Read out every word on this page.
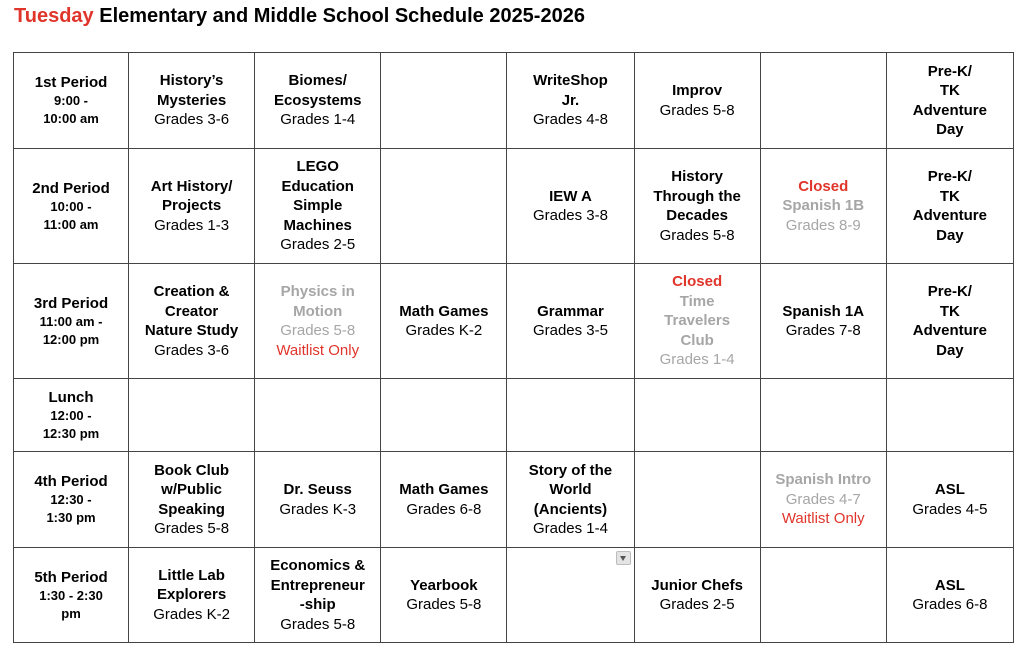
Tuesday Elementary and Middle School Schedule 2025-2026
1st Period
9:00 -
10:00 am	History’s
Mysteries
Grades 3-6	Biomes/
Ecosystems
Grades 1-4		WriteShop
Jr.
Grades 4-8	Improv
Grades 5-8		Pre-K/
TK
Adventure
Day

2nd Period
10:00 -
11:00 am	Art History/
Projects
Grades 1-3	LEGO
Education
Simple
Machines
Grades 2-5		IEW A
Grades 3-8	History
Through the
Decades
Grades 5-8	Closed
Spanish 1B
Grades 8-9	Pre-K/
TK
Adventure
Day

3rd Period
11:00 am -
12:00 pm	Creation &
Creator
Nature Study
Grades 3-6	Physics in
Motion
Grades 5-8
Waitlist Only	Math Games
Grades K-2	Grammar
Grades 3-5	Closed
Time
Travelers
Club
Grades 1-4	Spanish 1A
Grades 7-8	Pre-K/
TK
Adventure
Day

Lunch
12:00 -
12:30 pm							

4th Period
12:30 -
1:30 pm	Book Club
w/Public
Speaking
Grades 5-8	Dr. Seuss
Grades K-3	Math Games
Grades 6-8	Story of the
World
(Ancients)
Grades 1-4		Spanish Intro
Grades 4-7
Waitlist Only	ASL
Grades 4-5

5th Period
1:30 - 2:30
pm	Little Lab
Explorers
Grades K-2	Economics &
Entrepreneur
-ship
Grades 5-8	Yearbook
Grades 5-8		Junior Chefs
Grades 2-5		ASL
Grades 6-8
